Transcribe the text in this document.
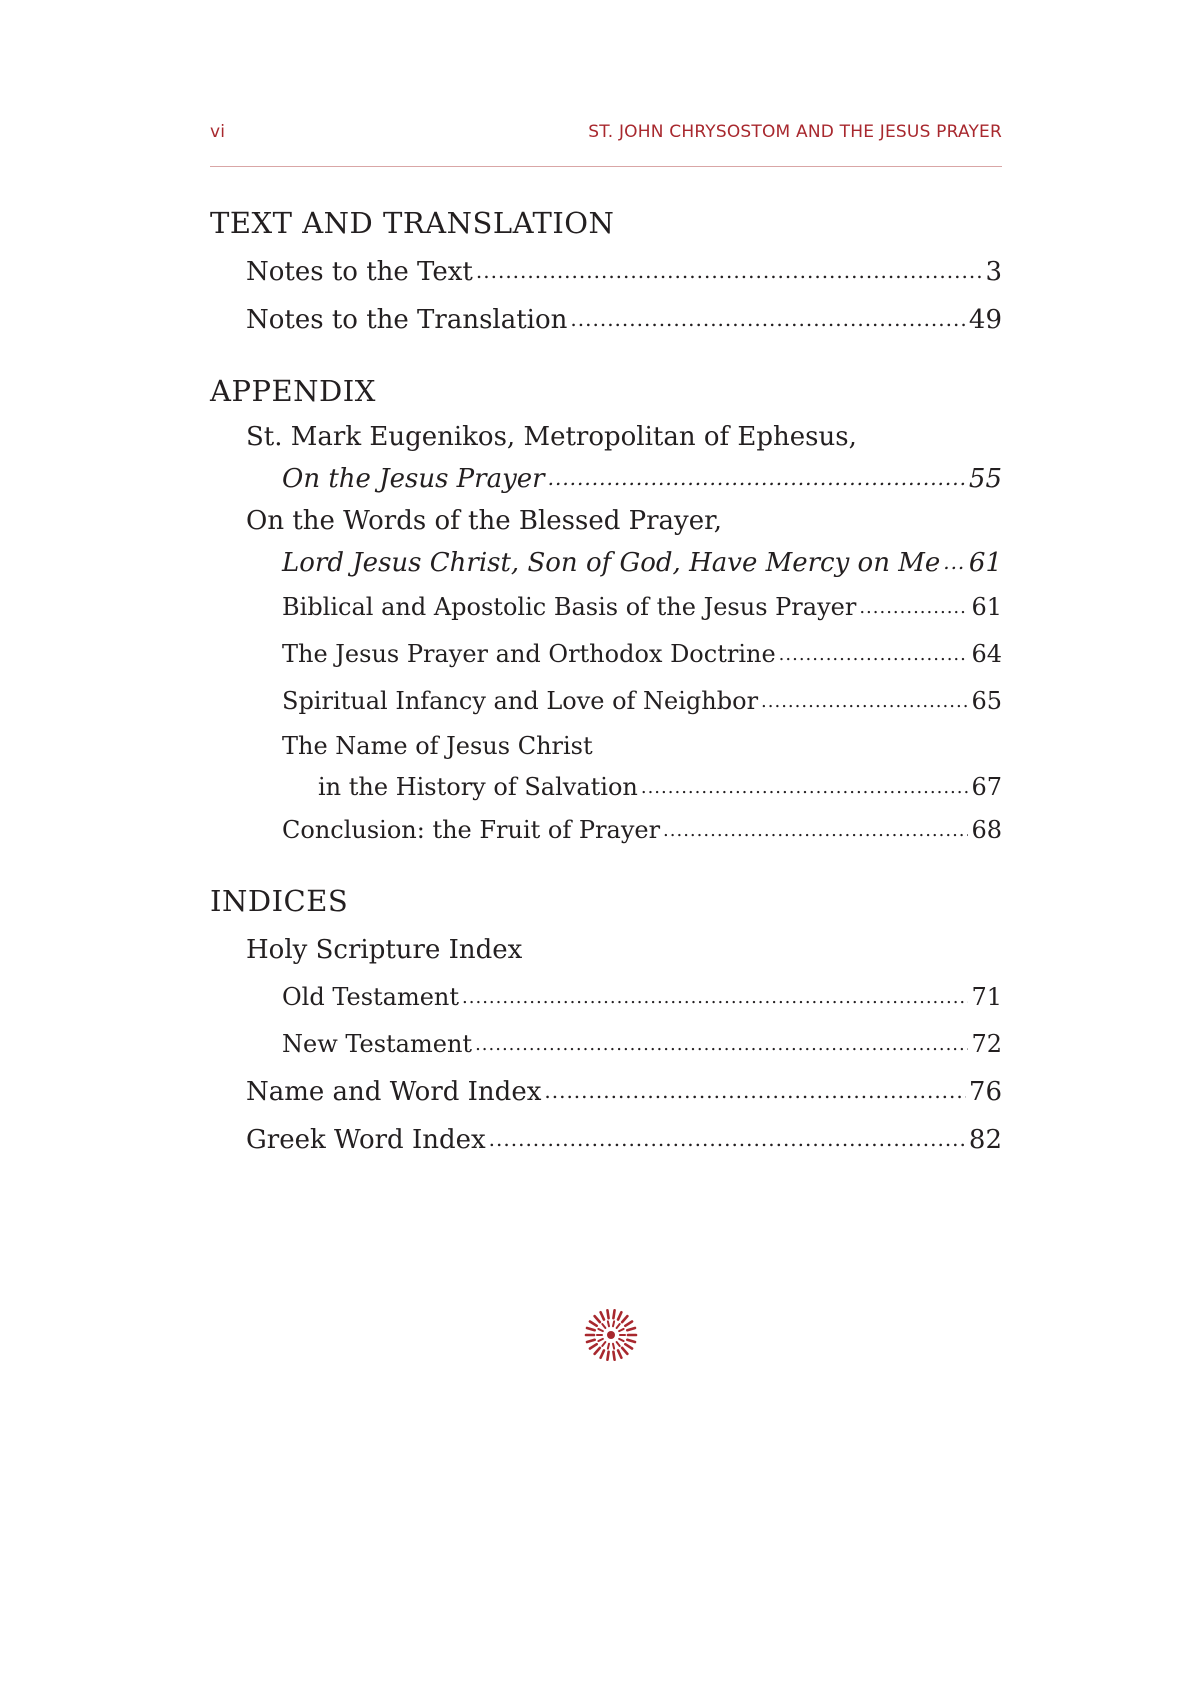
vi	ST. JOHN CHRYSOSTOM AND THE JESUS PRAYER
TEXT AND TRANSLATION
Notes to the Text .....	3
Notes to the Translation .....	49
APPENDIX
St. Mark Eugenikos, Metropolitan of Ephesus,
On the Jesus Prayer .....	55
On the Words of the Blessed Prayer,
Lord Jesus Christ, Son of God, Have Mercy on Me ..... 61
Biblical and Apostolic Basis of the Jesus Prayer .....	61
The Jesus Prayer and Orthodox Doctrine .....	64
Spiritual Infancy and Love of Neighbor .....	65
The Name of Jesus Christ
in the History of Salvation .....	67
Conclusion: the Fruit of Prayer .....	68
INDICES
Holy Scripture Index
Old Testament .....	71
New Testament .....	72
Name and Word Index .....	76
Greek Word Index .....	82
